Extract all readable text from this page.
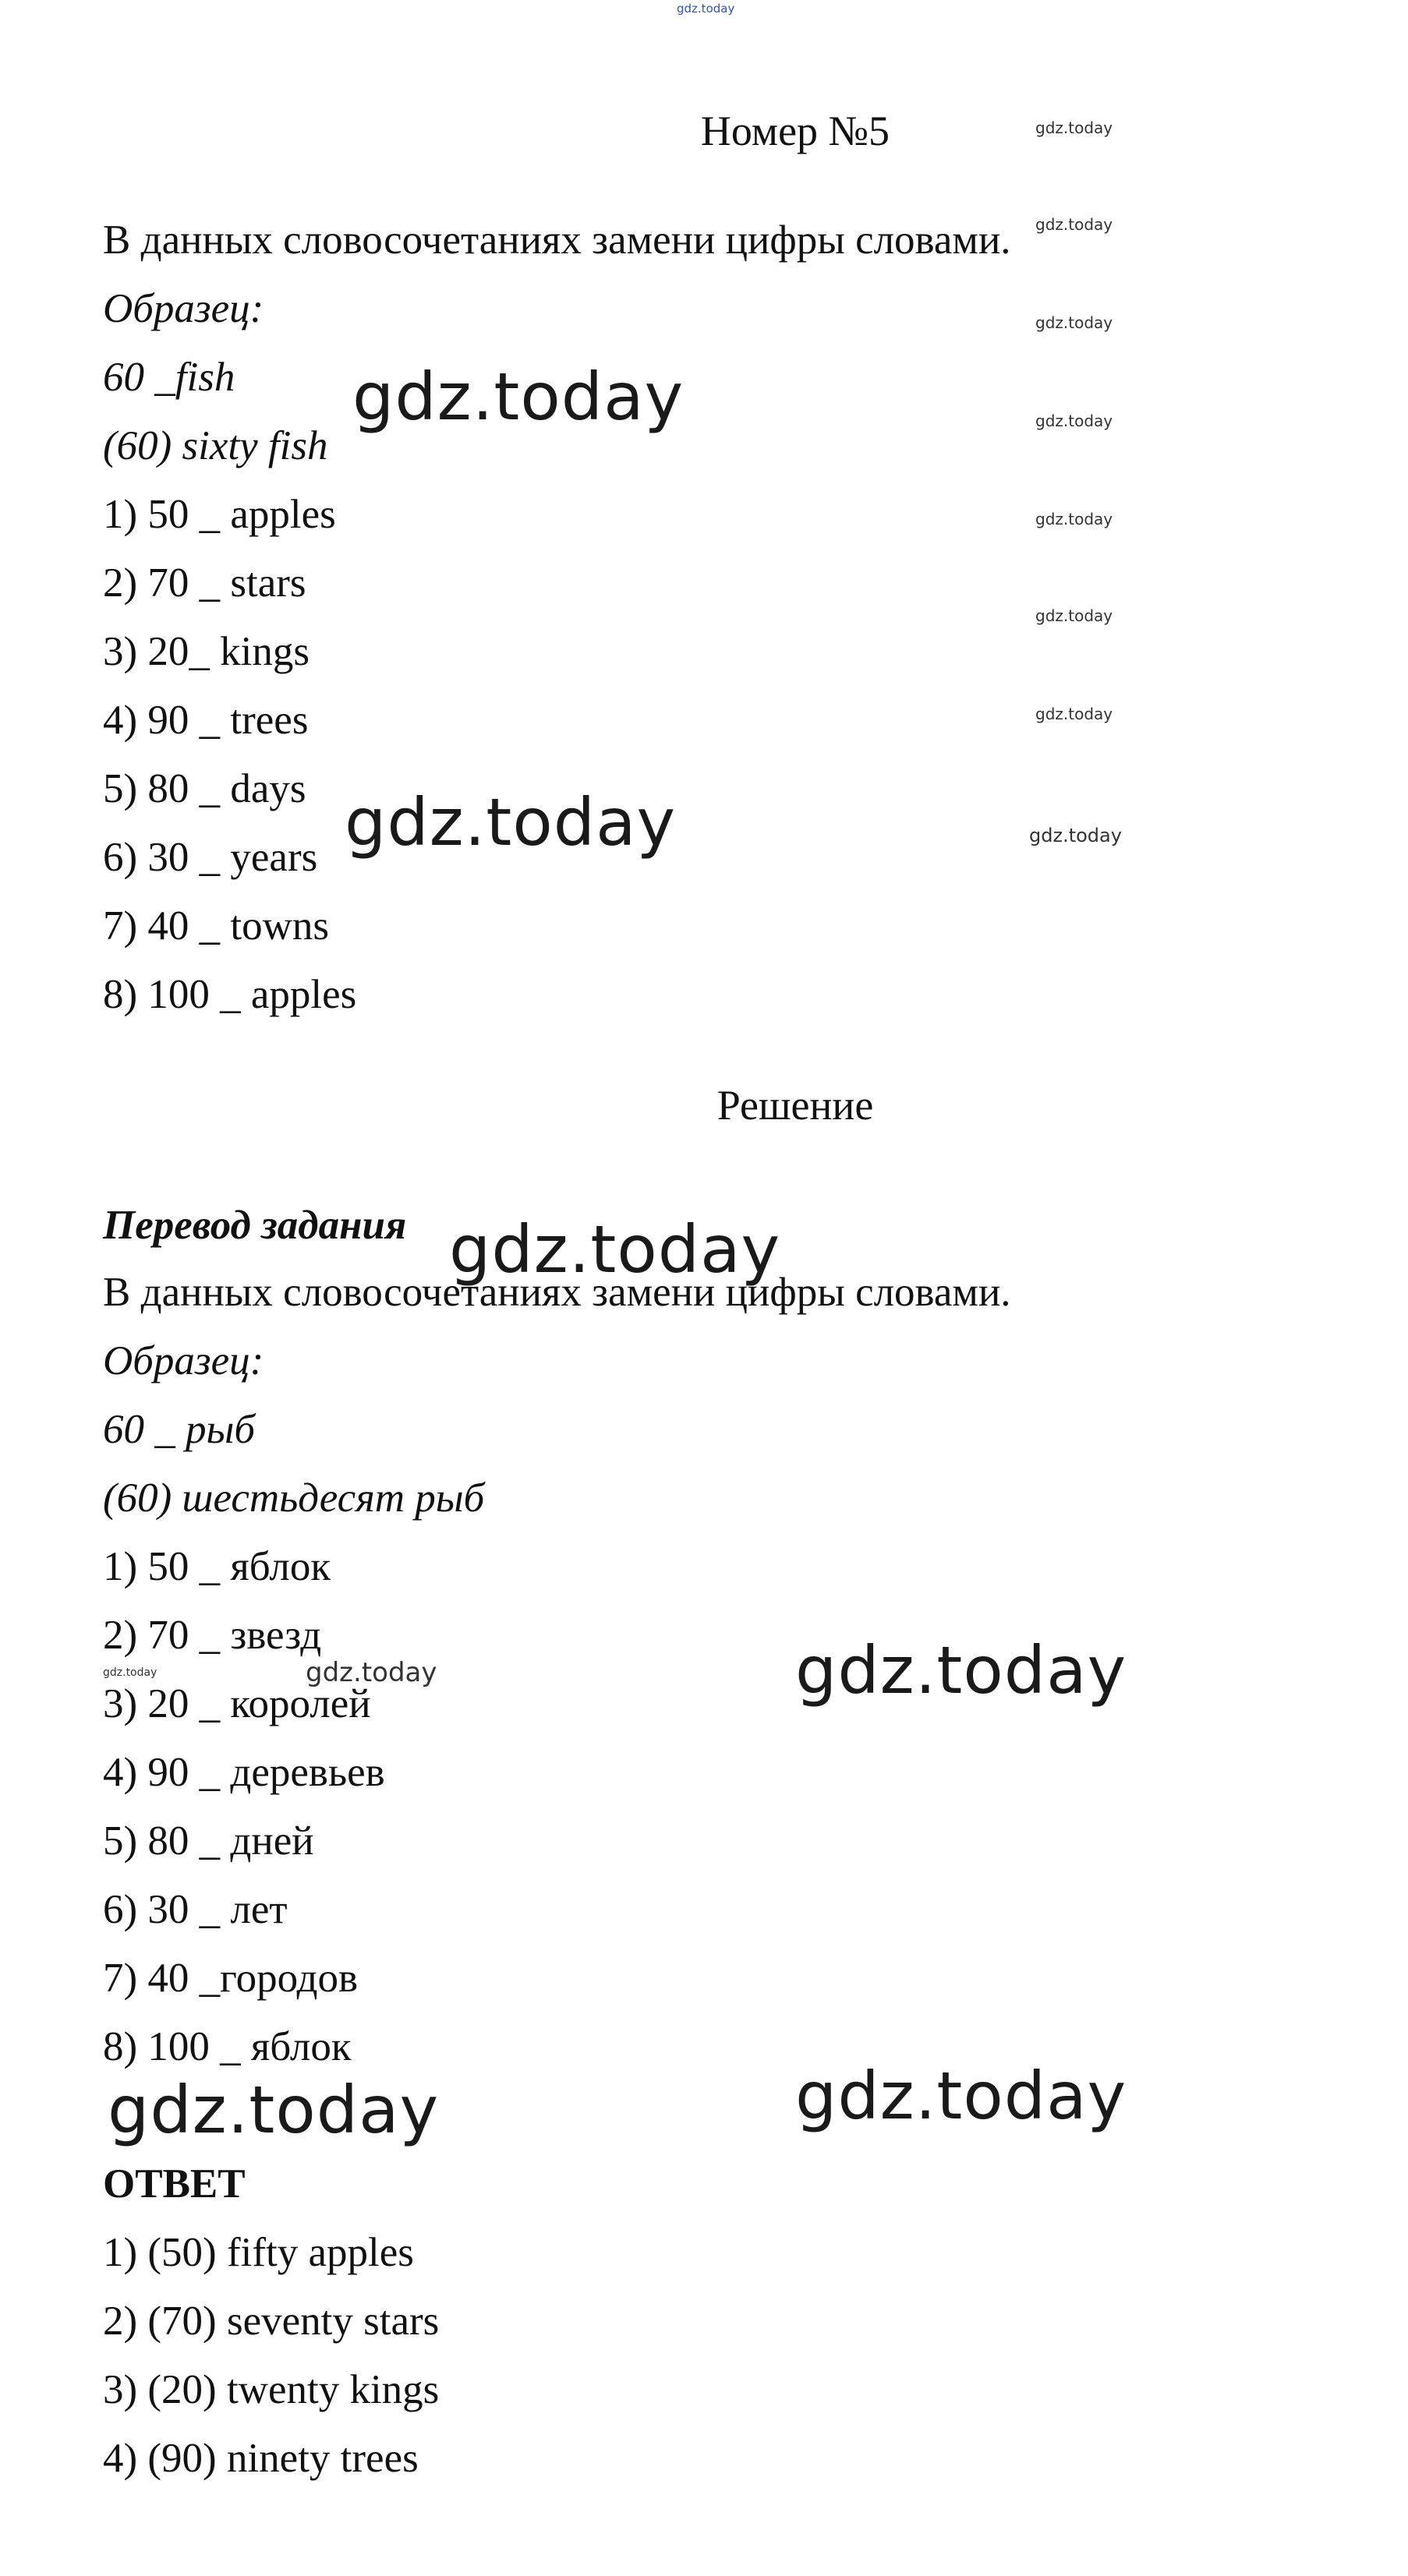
gdz.today
Номер №5
В данных словосочетаниях замени цифры словами.
Образец:
60 _fish
(60) sixty fish
1) 50 _ apples
2) 70 _ stars
3) 20_ kings
4) 90 _ trees
5) 80 _ days
6) 30 _ years
7) 40 _ towns
8) 100 _ apples
Решение
Перевод задания
В данных словосочетаниях замени цифры словами.
Образец:
60 _ рыб
(60) шестьдесят рыб
1) 50 _ яблок
2) 70 _ звезд
3) 20 _ королей
4) 90 _ деревьев
5) 80 _ дней
6) 30 _ лет
7) 40 _городов
8) 100 _ яблок
ОТВЕТ
1) (50) fifty apples
2) (70) seventy stars
3) (20) twenty kings
4) (90) ninety trees
gdz.today
gdz.today
gdz.today
gdz.today
gdz.today
gdz.today
gdz.today
gdz.today
gdz.today
gdz.today
gdz.today
gdz.today
gdz.today
gdz.today
gdz.today
gdz.today
